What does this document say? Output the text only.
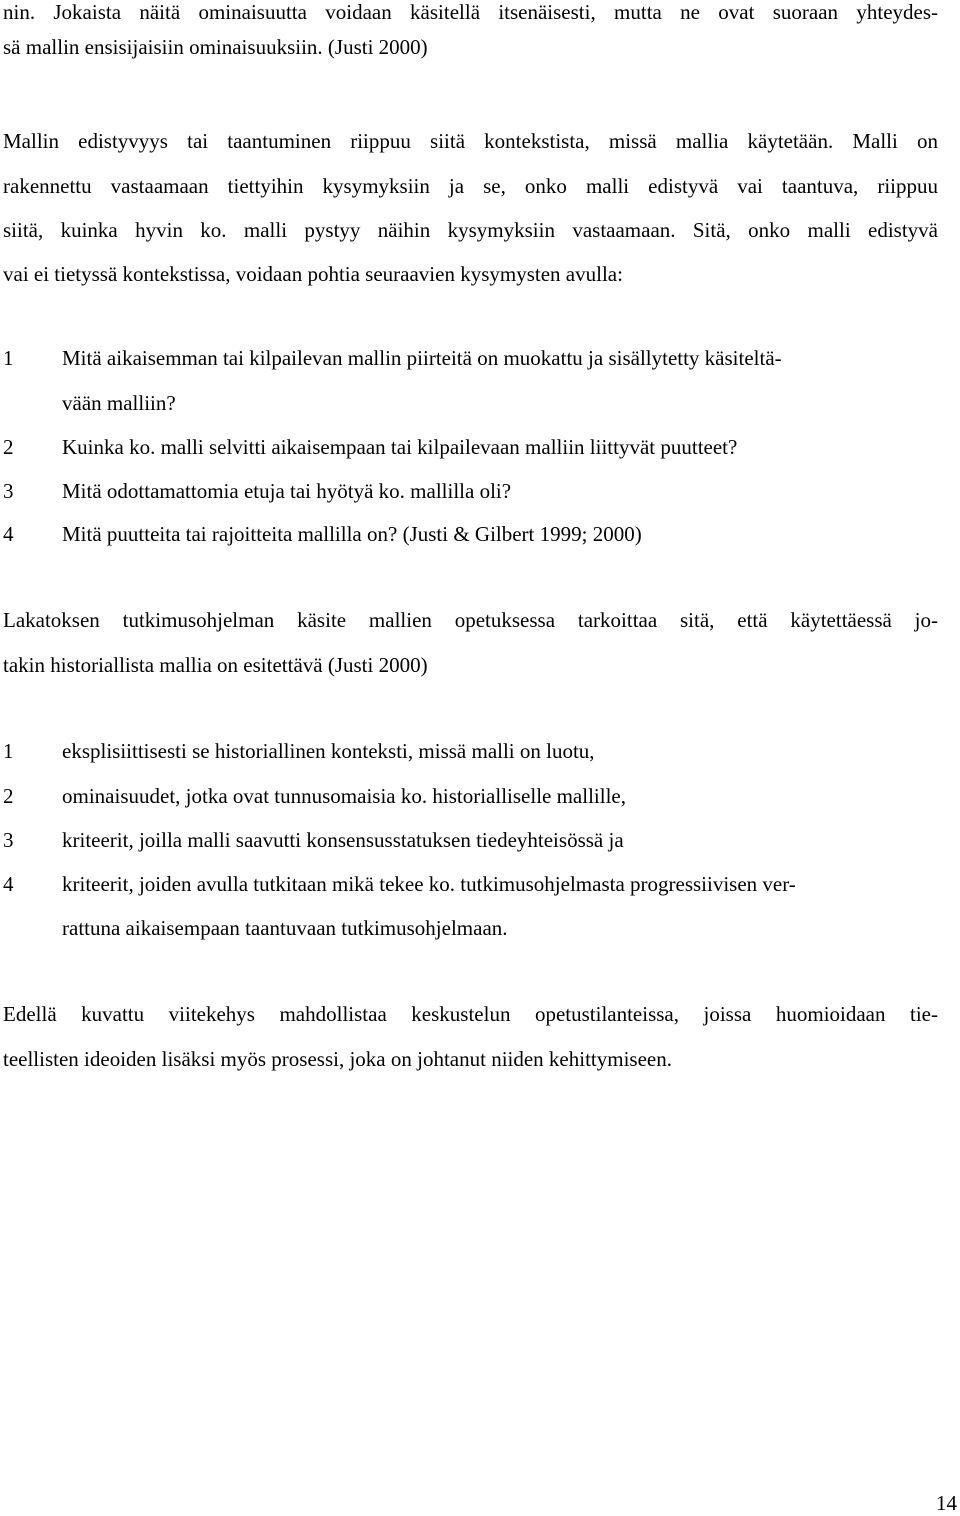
nin. Jokaista näitä ominaisuutta voidaan käsitellä itsenäisesti, mutta ne ovat suoraan yhteydes-
sä mallin ensisijaisiin ominaisuuksiin. (Justi 2000)
Mallin edistyvyys tai taantuminen riippuu siitä kontekstista, missä mallia käytetään. Malli on
rakennettu vastaamaan tiettyihin kysymyksiin ja se, onko malli edistyvä vai taantuva, riippuu
siitä, kuinka hyvin ko. malli pystyy näihin kysymyksiin vastaamaan. Sitä, onko malli edistyvä
vai ei tietyssä kontekstissa, voidaan pohtia seuraavien kysymysten avulla:
1 Mitä aikaisemman tai kilpailevan mallin piirteitä on muokattu ja sisällytetty käsiteltä-
vään malliin?
2 Kuinka ko. malli selvitti aikaisempaan tai kilpailevaan malliin liittyvät puutteet?
3 Mitä odottamattomia etuja tai hyötyä ko. mallilla oli?
4 Mitä puutteita tai rajoitteita mallilla on? (Justi & Gilbert 1999; 2000)
Lakatoksen tutkimusohjelman käsite mallien opetuksessa tarkoittaa sitä, että käytettäessä jo-
takin historiallista mallia on esitettävä (Justi 2000)
1 eksplisiittisesti se historiallinen konteksti, missä malli on luotu,
2 ominaisuudet, jotka ovat tunnusomaisia ko. historialliselle mallille,
3 kriteerit, joilla malli saavutti konsensusstatuksen tiedeyhteisössä ja
4 kriteerit, joiden avulla tutkitaan mikä tekee ko. tutkimusohjelmasta progressiivisen ver-
rattuna aikaisempaan taantuvaan tutkimusohjelmaan.
Edellä kuvattu viitekehys mahdollistaa keskustelun opetustilanteissa, joissa huomioidaan tie-
teellisten ideoiden lisäksi myös prosessi, joka on johtanut niiden kehittymiseen.
14
